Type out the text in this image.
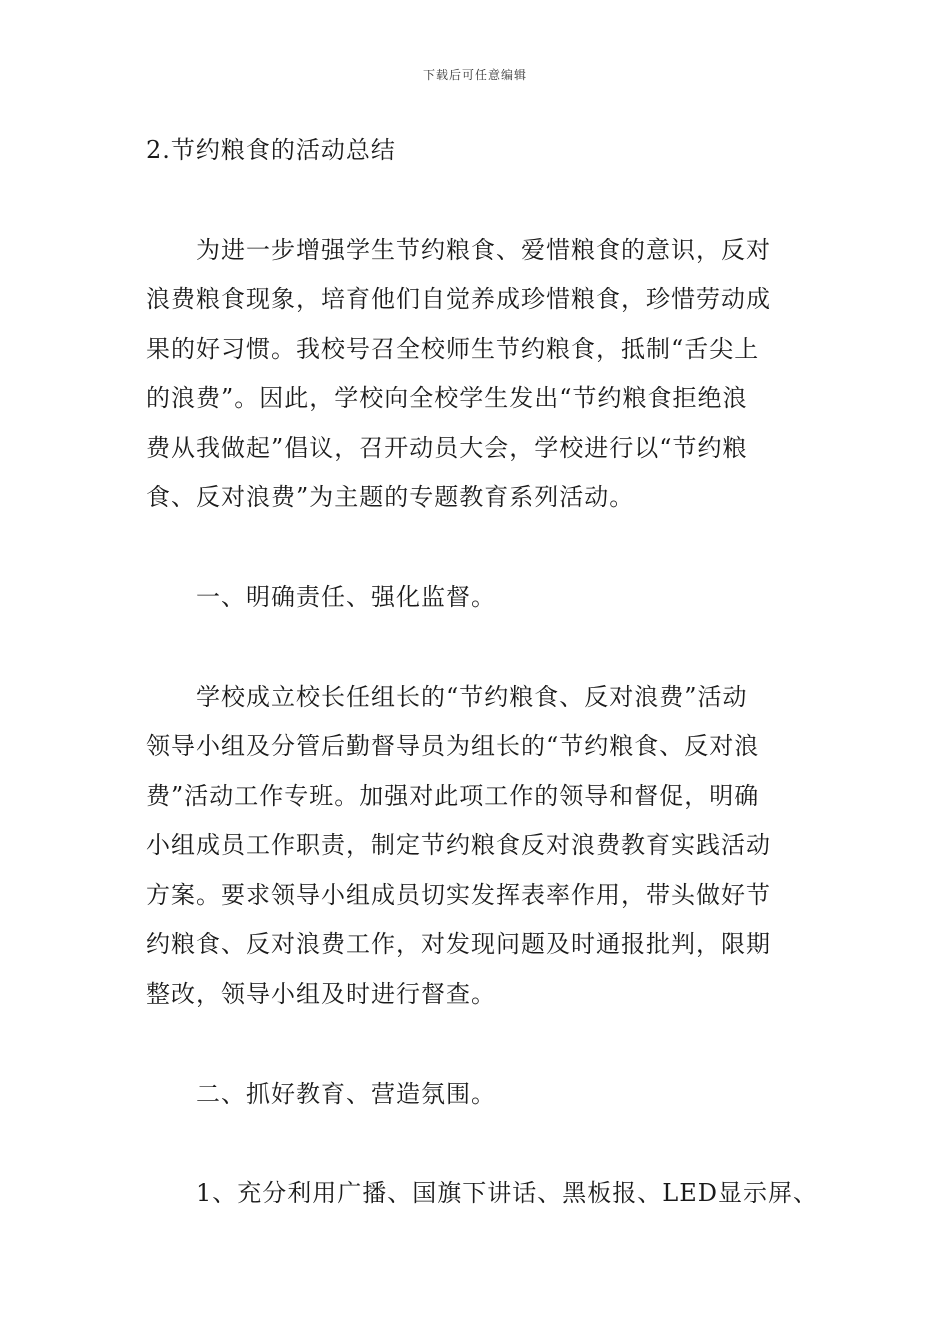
下载后可任意编辑
2.节约粮食的活动总结
为进一步增强学生节约粮食、爱惜粮食的意识，反对
浪费粮食现象，培育他们自觉养成珍惜粮食，珍惜劳动成
果的好习惯。我校号召全校师生节约粮食，抵制“舌尖上
的浪费”。因此，学校向全校学生发出“节约粮食拒绝浪
费从我做起”倡议，召开动员大会，学校进行以“节约粮
食、反对浪费”为主题的专题教育系列活动。
一、明确责任、强化监督。
学校成立校长任组长的“节约粮食、反对浪费”活动
领导小组及分管后勤督导员为组长的“节约粮食、反对浪
费”活动工作专班。加强对此项工作的领导和督促，明确
小组成员工作职责，制定节约粮食反对浪费教育实践活动
方案。要求领导小组成员切实发挥表率作用，带头做好节
约粮食、反对浪费工作，对发现问题及时通报批判，限期
整改，领导小组及时进行督查。
二、抓好教育、营造氛围。
1、充分利用广播、国旗下讲话、黑板报、LED显示屏、
